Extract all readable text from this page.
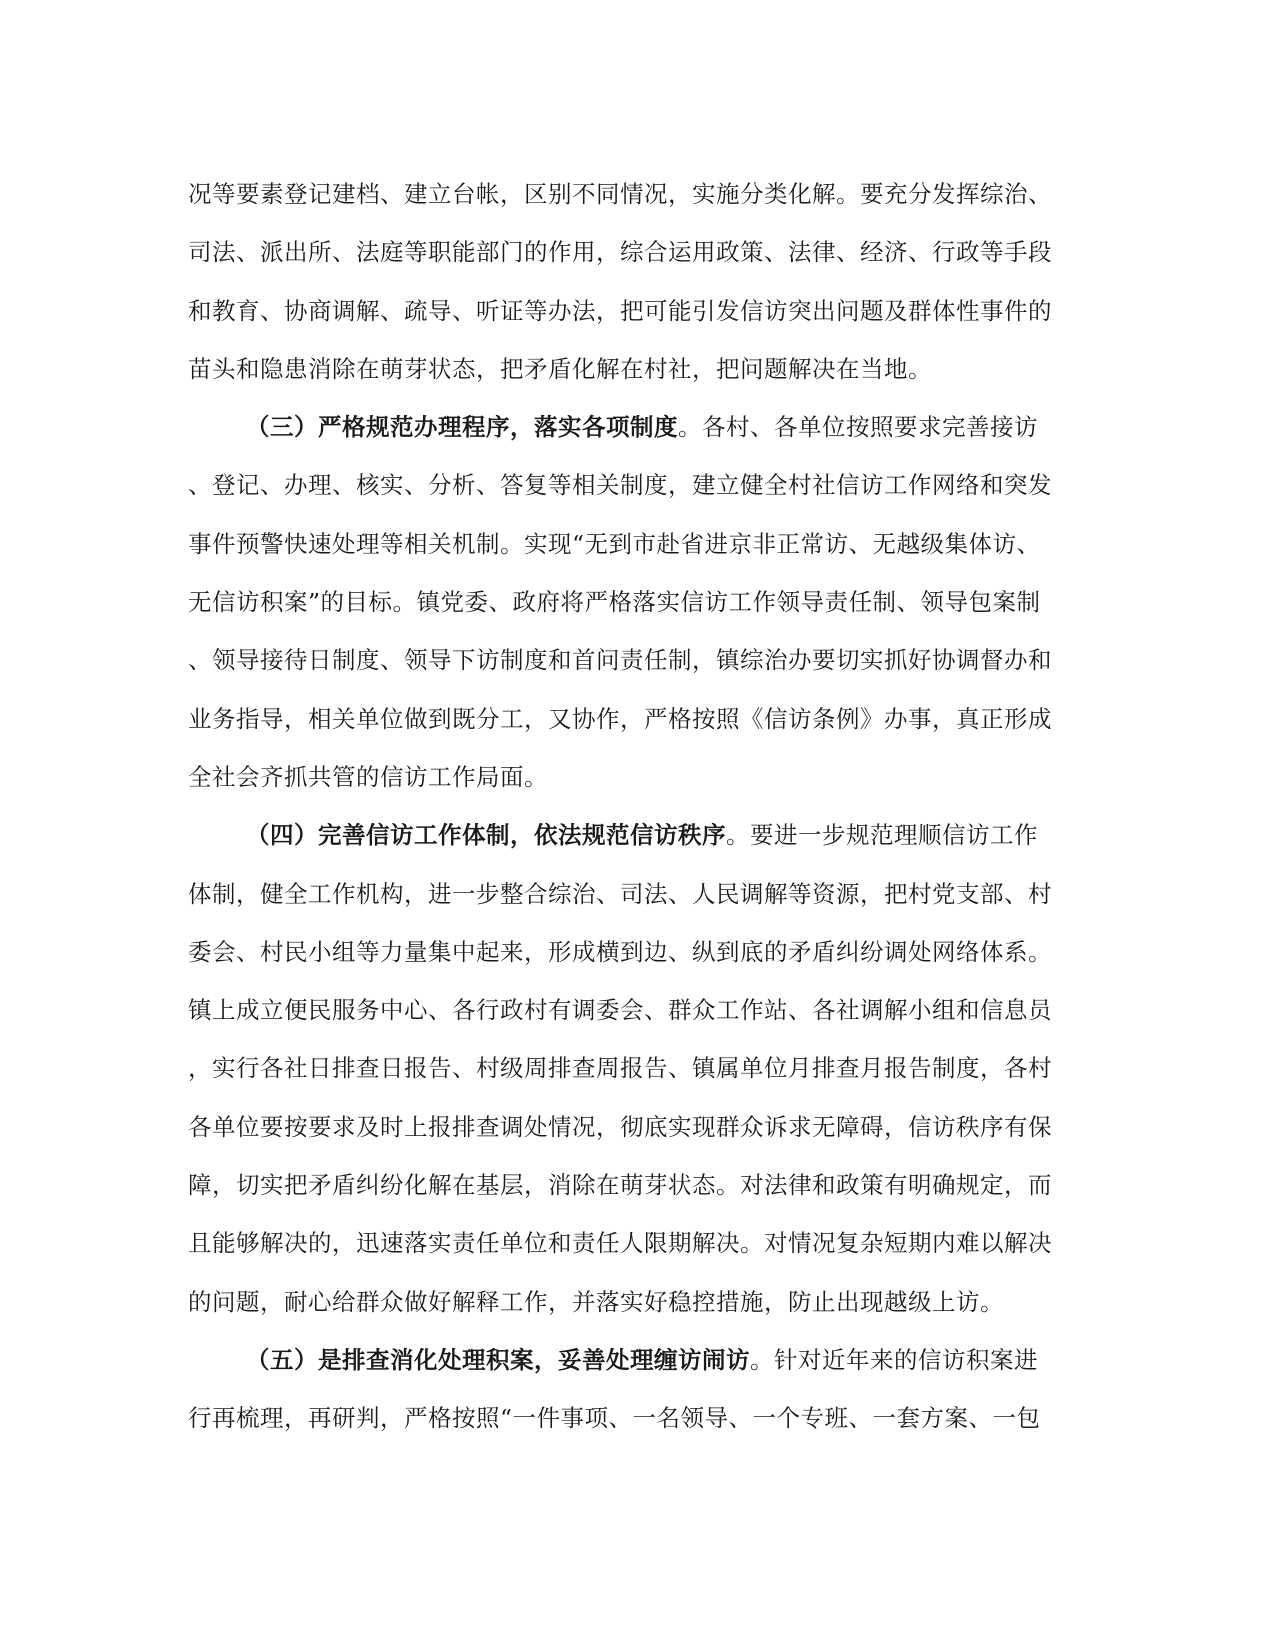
况等要素登记建档、建立台帐，区别不同情况，实施分类化解。要充分发挥综治、
司法、派出所、法庭等职能部门的作用，综合运用政策、法律、经济、行政等手段
和教育、协商调解、疏导、听证等办法，把可能引发信访突出问题及群体性事件的
苗头和隐患消除在萌芽状态，把矛盾化解在村社，把问题解决在当地。
（三）严格规范办理程序，落实各项制度。各村、各单位按照要求完善接访
、登记、办理、核实、分析、答复等相关制度，建立健全村社信访工作网络和突发
事件预警快速处理等相关机制。实现“无到市赴省进京非正常访、无越级集体访、
无信访积案”的目标。镇党委、政府将严格落实信访工作领导责任制、领导包案制
、领导接待日制度、领导下访制度和首问责任制，镇综治办要切实抓好协调督办和
业务指导，相关单位做到既分工，又协作，严格按照《信访条例》办事，真正形成
全社会齐抓共管的信访工作局面。
（四）完善信访工作体制，依法规范信访秩序。要进一步规范理顺信访工作
体制，健全工作机构，进一步整合综治、司法、人民调解等资源，把村党支部、村
委会、村民小组等力量集中起来，形成横到边、纵到底的矛盾纠纷调处网络体系。
镇上成立便民服务中心、各行政村有调委会、群众工作站、各社调解小组和信息员
，实行各社日排查日报告、村级周排查周报告、镇属单位月排查月报告制度，各村
各单位要按要求及时上报排查调处情况，彻底实现群众诉求无障碍，信访秩序有保
障，切实把矛盾纠纷化解在基层，消除在萌芽状态。对法律和政策有明确规定，而
且能够解决的，迅速落实责任单位和责任人限期解决。对情况复杂短期内难以解决
的问题，耐心给群众做好解释工作，并落实好稳控措施，防止出现越级上访。
（五）是排查消化处理积案，妥善处理缠访闹访。针对近年来的信访积案进
行再梳理，再研判，严格按照“一件事项、一名领导、一个专班、一套方案、一包
